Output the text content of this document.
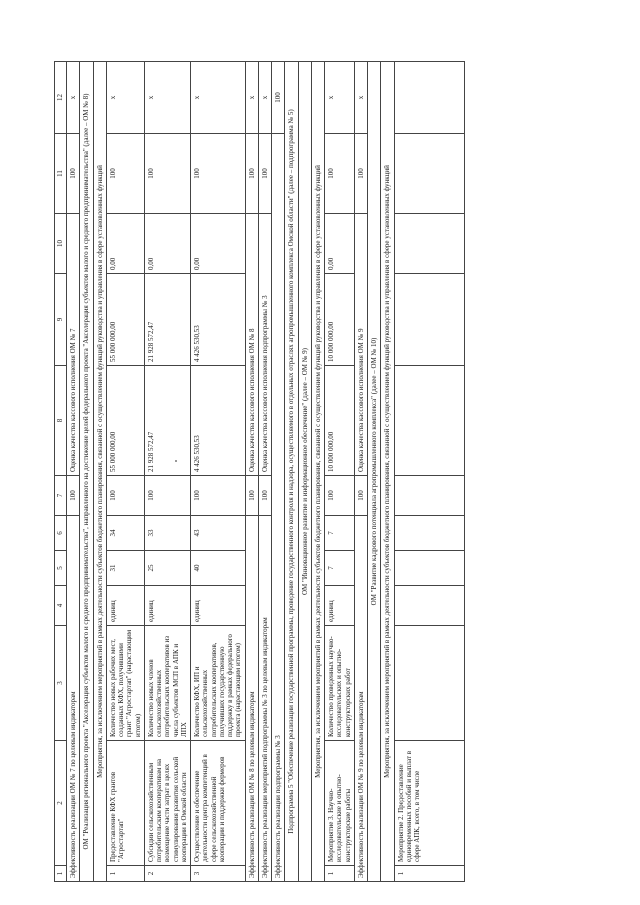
1	2	3	4	5	6	7	8	9	10	11	12
Эффективность реализации ОМ № 7 по целевым индикаторам						100	Оценка качества кассового исполнения ОМ № 7			100	х
ОМ "Реализация регионального проекта "Акселерация субъектов малого и среднего предпринимательства", направленного на достижение целей федерального проекта "Акселерация субъектов малого и среднего предпринимательства" (далее – ОМ № 8)											
Мероприятия, за исключением мероприятий в рамках деятельности субъектов бюджетного планирования, связанной с осуществлением функций руководства и управления в сфере установленных функций											
1	Предоставление КФХ грантов "Агростартап"	Количество новых рабочих мест, созданных КФХ, получившими грант "Агростартап" (нарастающим итогом)	единиц	31	34	100	55 000 000,00	55 000 000,00	0,00	100	х
2	Субсидии сельскохозяйственным потребительским кооперативам на возмещение части затрат в целях стимулирования развития сельской кооперации в Омской области	Количество новых членов сельскохозяйственных потребительских кооперативов из числа субъектов МСП в АПК и ЛПХ	единиц	25	33	100	21 928 572,47	21 928 572,47	0,00	100	х
3	Осуществление и обеспечение деятельности центра компетенций в сфере сельскохозяйственной кооперации и поддержки фермеров	Количество КФХ, ИП и сельскохозяйственных потребительских кооперативов, получивших государственную поддержку в рамках федерального проекта (нарастающим итогом)	единиц	40	43	100	4 426 530,53	4 426 530,53	0,00	100	х
Эффективность реализации ОМ № 8 по целевым индикаторам						100	Оценка качества кассового исполнения ОМ № 8			100	х
Эффективность реализации мероприятий подпрограммы № 3 по целевым индикаторам						100	Оценка качества кассового исполнения подпрограммы № 3			100	х
Эффективность реализации подпрограммы № 3											100
Подпрограмма 5 "Обеспечение реализации государственной программы, проведение государственного контроля и надзора, осуществляемого в отдельных отраслях агропромышленного комплекса Омской области" (далее – подпрограмма № 5)											
ОМ "Инновационное развитие и информационное обеспечение" (далее – ОМ № 9)											
Мероприятия, за исключением мероприятий в рамках деятельности субъектов бюджетного планирования, связанной с осуществлением функций руководства и управления в сфере установленных функций											
1	Мероприятие 3. Научно-исследовательские и опытно-конструкторские работы	Количество проведенных научно-исследовательских и опытно-конструкторских работ	единиц	7	7	100	10 000 000,00	10 000 000,00	0,00	100	х
Эффективность реализации ОМ № 9 по целевым индикаторам						100	Оценка качества кассового исполнения ОМ № 9			100	х
ОМ "Развитие кадрового потенциала агропромышленного комплекса" (далее – ОМ № 10)											
Мероприятия, за исключением мероприятий в рамках деятельности субъектов бюджетного планирования, связанной с осуществлением функций руководства и управления в сфере установленных функций											
1	Мероприятие 2. Предоставление единовременных пособий и выплат в сфере АПК, всего, в том числе										
